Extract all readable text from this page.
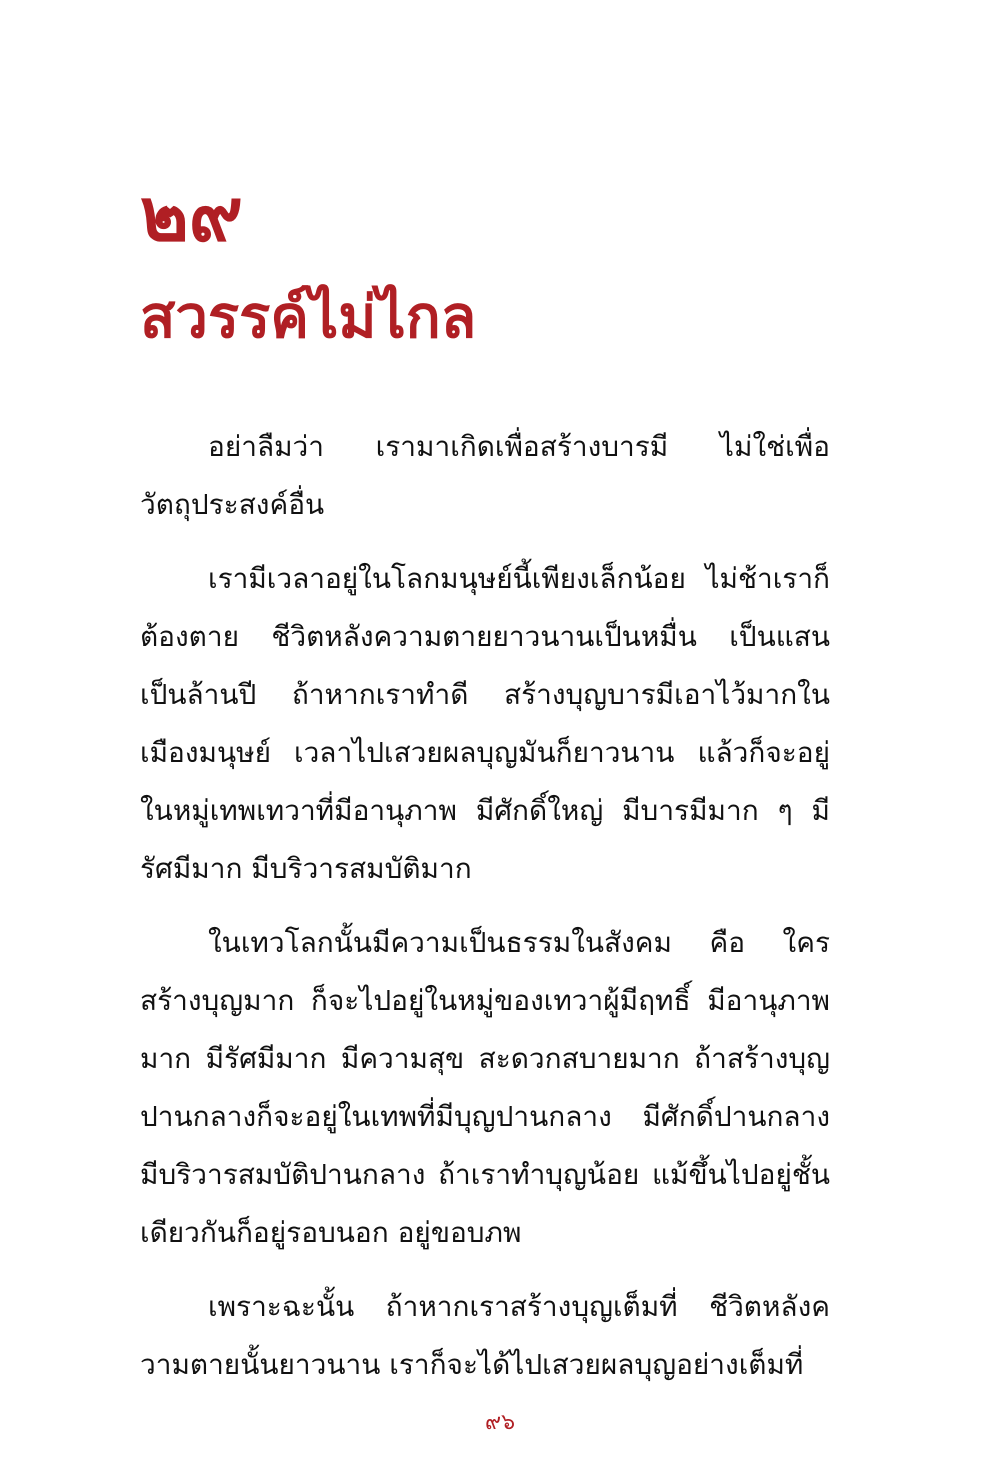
๒๙
สวรรค์ไม่ไกล

อย่าลืมว่า เรามาเกิดเพื่อสร้างบารมี ไม่ใช่เพื่อวัตถุประสงค์อื่น

เรามีเวลาอยู่ในโลกมนุษย์นี้เพียงเล็กน้อย ไม่ช้าเราก็ต้องตาย ชีวิตหลังความตายยาวนานเป็นหมื่น เป็นแสน เป็นล้านปี ถ้าหากเราทำดี สร้างบุญบารมีเอาไว้มากในเมืองมนุษย์ เวลาไปเสวยผลบุญมันก็ยาวนาน แล้วก็จะอยู่ในหมู่เทพเทวาที่มีอานุภาพ มีศักดิ์ใหญ่ มีบารมีมาก ๆ มีรัศมีมาก มีบริวารสมบัติมาก

ในเทวโลกนั้นมีความเป็นธรรมในสังคม คือ ใครสร้างบุญมาก ก็จะไปอยู่ในหมู่ของเทวาผู้มีฤทธิ์ มีอานุภาพมาก มีรัศมีมาก มีความสุข สะดวกสบายมาก ถ้าสร้างบุญปานกลางก็จะอยู่ในเทพที่มีบุญปานกลาง มีศักดิ์ปานกลาง มีบริวารสมบัติปานกลาง ถ้าเราทำบุญน้อย แม้ขึ้นไปอยู่ชั้นเดียวกันก็อยู่รอบนอก อยู่ขอบภพ

เพราะฉะนั้น ถ้าหากเราสร้างบุญเต็มที่ ชีวิตหลังความตายนั้นยาวนาน เราก็จะได้ไปเสวยผลบุญอย่างเต็มที่

๙๖
